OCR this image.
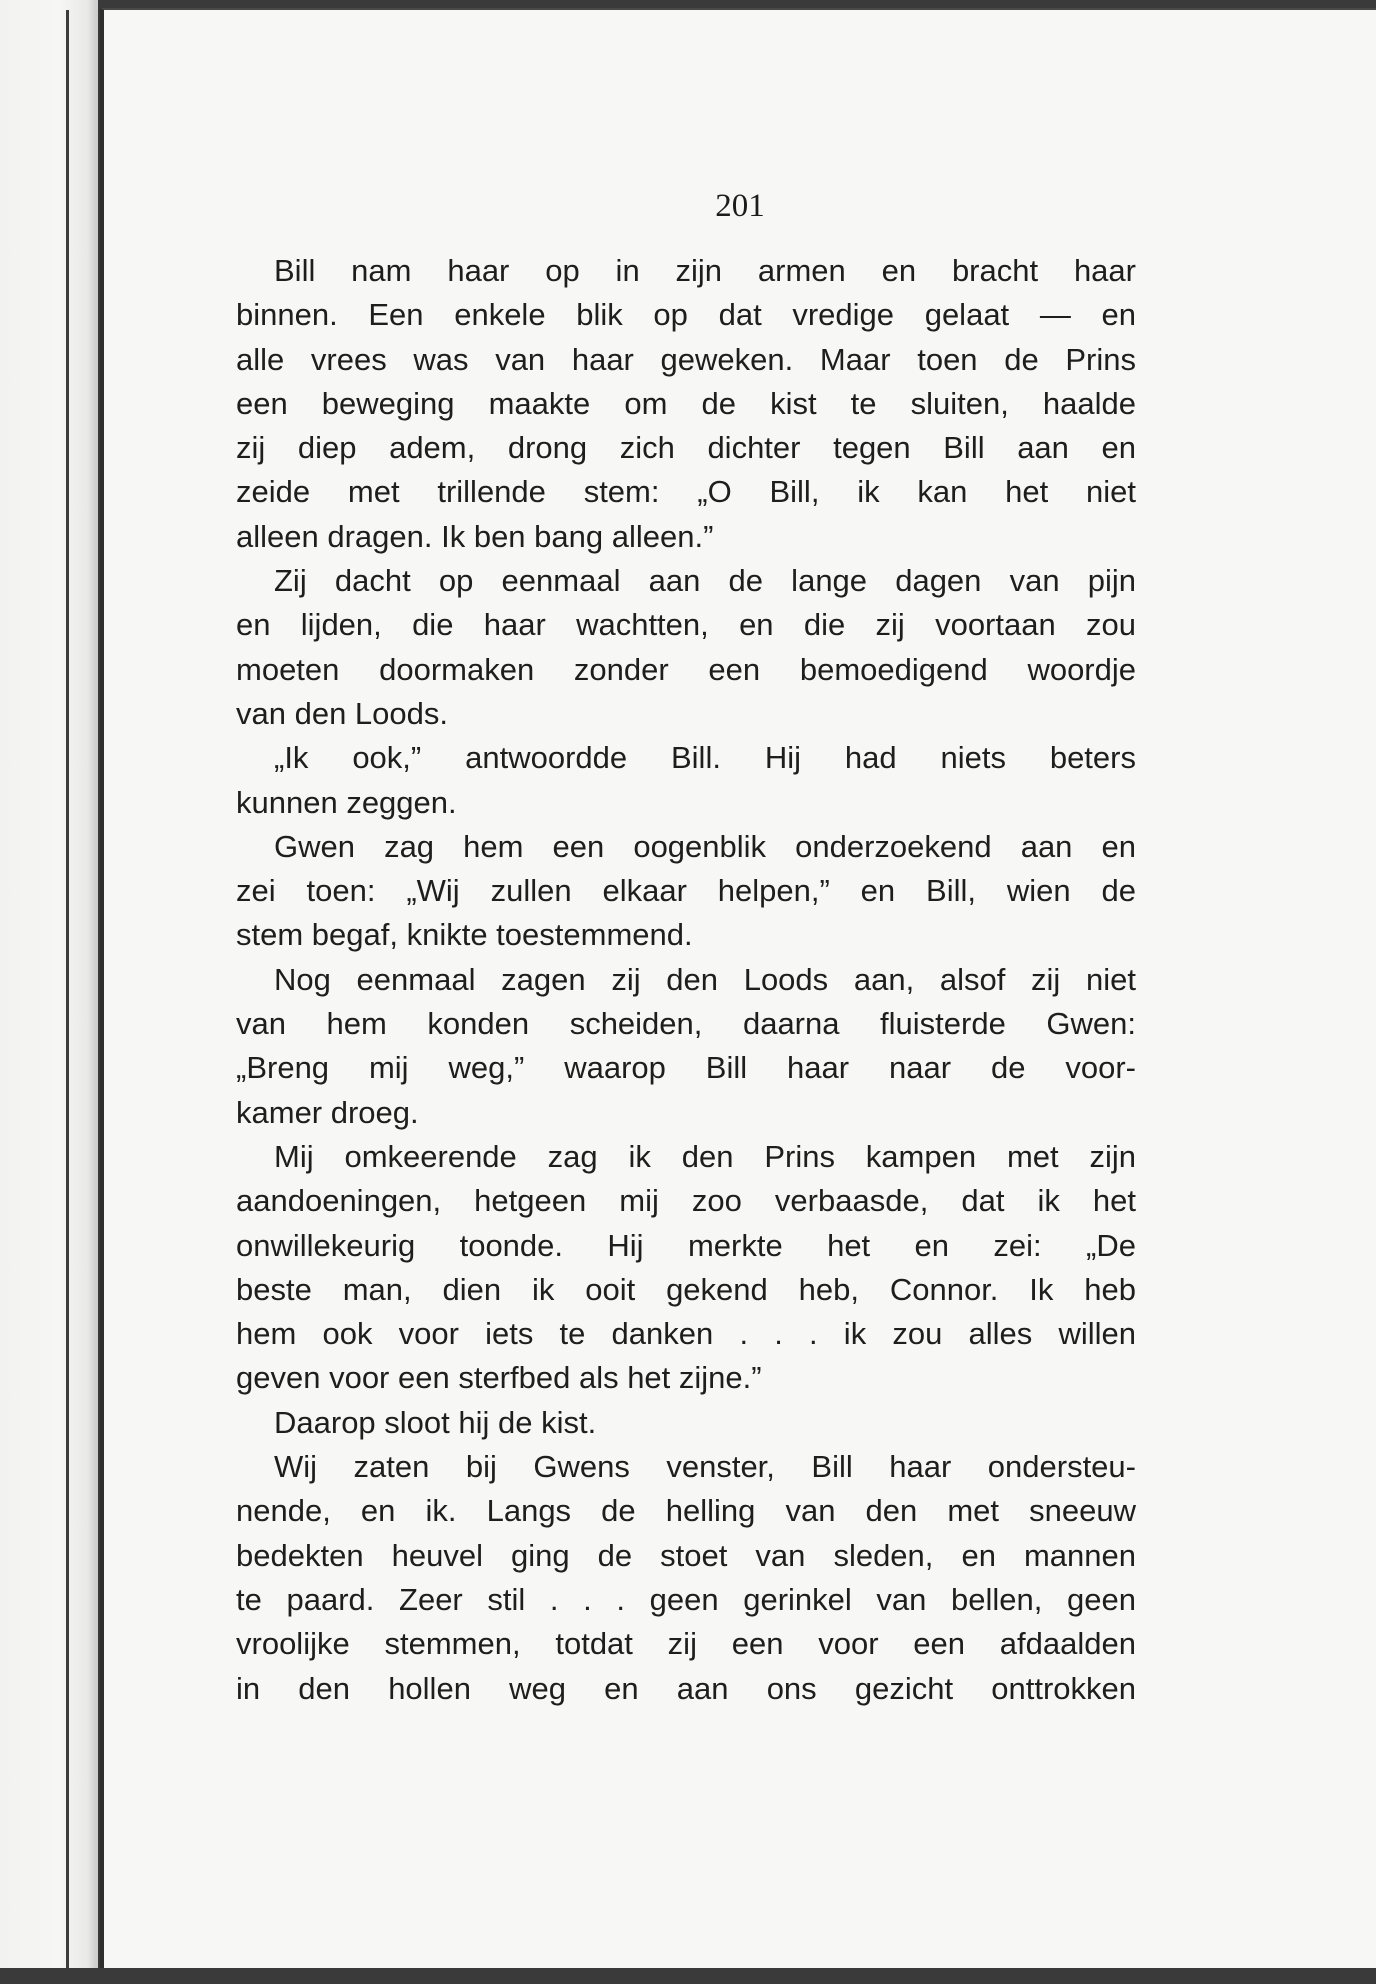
201
Bill nam haar op in zijn armen en bracht haar
binnen. Een enkele blik op dat vredige gelaat — en
alle vrees was van haar geweken. Maar toen de Prins
een beweging maakte om de kist te sluiten, haalde
zij diep adem, drong zich dichter tegen Bill aan en
zeide met trillende stem: „O Bill, ik kan het niet
alleen dragen. Ik ben bang alleen.”
Zij dacht op eenmaal aan de lange dagen van pijn
en lijden, die haar wachtten, en die zij voortaan zou
moeten doormaken zonder een bemoedigend woordje
van den Loods.
„Ik ook,” antwoordde Bill. Hij had niets beters
kunnen zeggen.
Gwen zag hem een oogenblik onderzoekend aan en
zei toen: „Wij zullen elkaar helpen,” en Bill, wien de
stem begaf, knikte toestemmend.
Nog eenmaal zagen zij den Loods aan, alsof zij niet
van hem konden scheiden, daarna fluisterde Gwen:
„Breng mij weg,” waarop Bill haar naar de voor-
kamer droeg.
Mij omkeerende zag ik den Prins kampen met zijn
aandoeningen, hetgeen mij zoo verbaasde, dat ik het
onwillekeurig toonde. Hij merkte het en zei: „De
beste man, dien ik ooit gekend heb, Connor. Ik heb
hem ook voor iets te danken . . . ik zou alles willen
geven voor een sterfbed als het zijne.”
Daarop sloot hij de kist.
Wij zaten bij Gwens venster, Bill haar ondersteu-
nende, en ik. Langs de helling van den met sneeuw
bedekten heuvel ging de stoet van sleden, en mannen
te paard. Zeer stil . . . geen gerinkel van bellen, geen
vroolijke stemmen, totdat zij een voor een afdaalden
in den hollen weg en aan ons gezicht onttrokken
